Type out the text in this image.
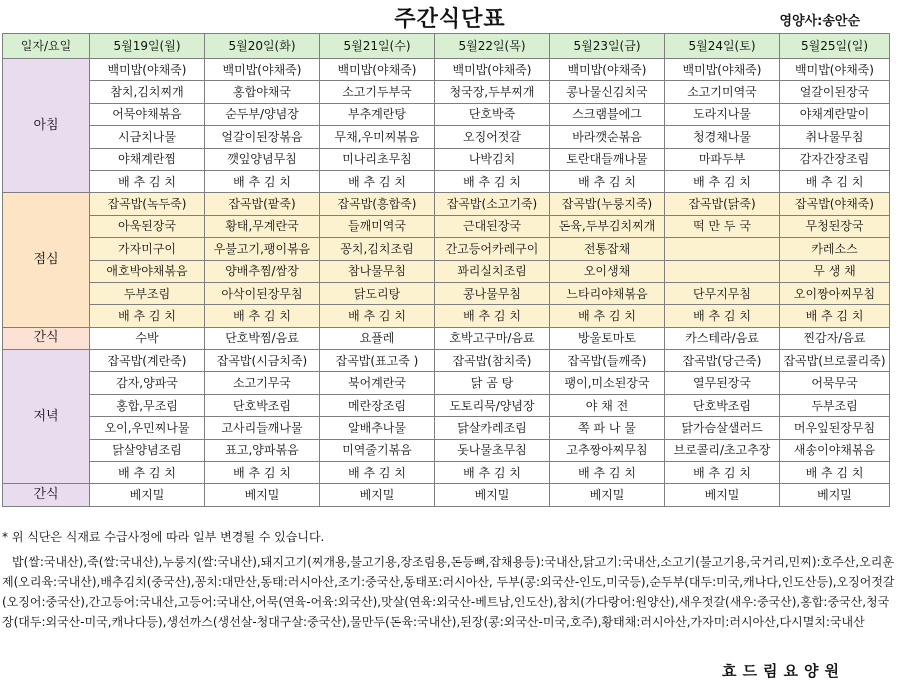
주간식단표	영양사:송안순
일자/요일	5월19일(월)	5월20일(화)	5월21일(수)	5월22일(목)	5월23일(금)	5월24일(토)	5월25일(일)
아침	백미밥(야채죽)	백미밥(야채죽)	백미밥(야채죽)	백미밥(야채죽)	백미밥(야채죽)	백미밥(야채죽)	백미밥(야채죽)
	참치,김치찌개	홍합야채국	소고기두부국	청국장,두부찌개	콩나물신김치국	소고기미역국	얼갈이된장국
	어묵야채볶음	순두부/양념장	부추계란탕	단호박죽	스크램블에그	도라지나물	야채계란말이
	시금치나물	얼갈이된장볶음	무채,우미찌볶음	오징어젓갈	바라깻순볶음	청경채나물	취나물무침
	야채계란찜	깻잎양념무침	미나리초무침	나박김치	토란대들깨나물	마파두부	감자간장조림
	배 추 김 치	배 추 김 치	배 추 김 치	배 추 김 치	배 추 김 치	배 추 김 치	배 추 김 치
점심	잡곡밥(녹두죽)	잡곡밥(팥죽)	잡곡밥(흥합죽)	잡곡밥(소고기죽)	잡곡밥(누룽지죽)	잡곡밥(닭죽)	잡곡밥(야채죽)
	아욱된장국	황태,무계란국	들깨미역국	근대된장국	돈육,두부김치찌개	떡 만 두 국	무청된장국
	가자미구이	우불고기,팽이볶음	꽁치,김치조림	간고등어카레구이	전통잡채		카레소스
	애호박야채볶음	양배추찜/쌈장	참나물무침	꽈리실치조림	오이생채		무 생 채
	두부조림	아삭이된장무침	닭도리탕	콩나물무침	느타리야채볶음	단무지무침	오이짱아찌무침
	배 추 김 치	배 추 김 치	배 추 김 치	배 추 김 치	배 추 김 치	배 추 김 치	배 추 김 치
간식	수박	단호박찜/음료	요플레	호박고구마/음료	방울토마토	카스테라/음료	찐감자/음료
저녁	잡곡밥(계란죽)	잡곡밥(시금치죽)	잡곡밥(표고죽 )	잡곡밥(참치죽)	잡곡밥(들깨죽)	잡곡밥(당근죽)	잡곡밥(브로콜리죽)
	감자,양파국	소고기무국	북어계란국	닭 곰 탕	팽이,미소된장국	열무된장국	어묵무국
	홍합,무조림	단호박조림	메란장조림	도토리묵/양념장	야 채 전	단호박조림	두부조림
	오이,우민찌나물	고사리들깨나물	알배추나물	닭살카레조림	쪽 파 나 물	닭가슴살샐러드	머우잎된장무침
	닭살양념조림	표고,양파볶음	미역줄기볶음	돗나물초무침	고추짱아찌무침	브로콜리/초고추장	새송이야채볶음
	배 추 김 치	배 추 김 치	배 추 김 치	배 추 김 치	배 추 김 치	배 추 김 치	배 추 김 치
간식	베지밀	베지밀	베지밀	베지밀	베지밀	베지밀	베지밀
* 위 식단은 식재료 수급사정에 따라 일부 변경될 수 있습니다.
밥(쌀:국내산),죽(쌀:국내산),누룽지(쌀:국내산),돼지고기(찌개용,불고기용,장조림용,돈등뼈,잡채용등):국내산,닭고기:국내산,소고기(불고기용,국거리,민찌):호주산,오리훈제(오리육:국내산),배추김치(중국산),꽁치:대만산,동태:러시아산,조기:중국산,동태포:러시아산, 두부(콩:외국산-인도,미국등),순두부(대두:미국,캐나다,인도산등),오징어젓갈(오징어:중국산),간고등어:국내산,고등어:국내산,어묵(연육-어육:외국산),맛살(연육:외국산-베트남,인도산),참치(가다랑어:원양산),새우젓갈(새우:중국산),홍합:중국산,청국장(대두:외국산-미국,캐나다등),생선까스(생선살-청대구살:중국산),물만두(돈육:국내산),된장(콩:외국산-미국,호주),황태채:러시아산,가자미:러시아산,다시멸치:국내산
효드림요양원
